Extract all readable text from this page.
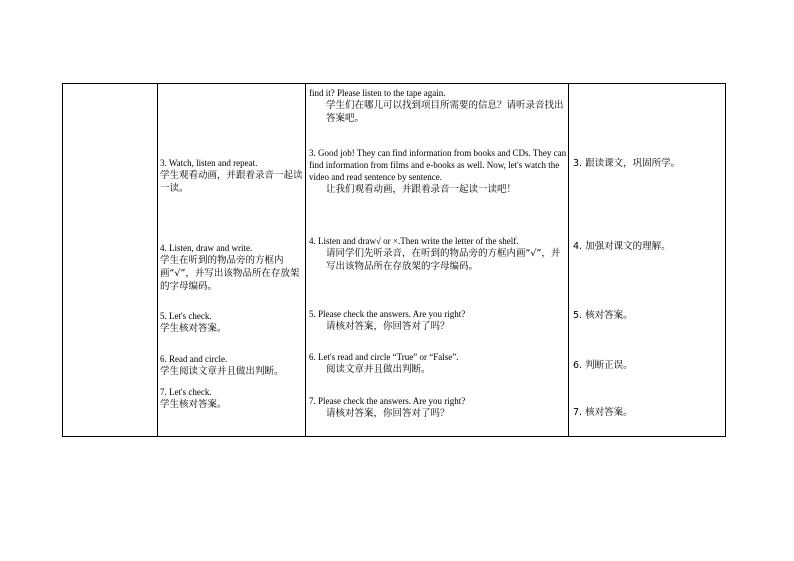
3. Watch, listen and repeat.
学生观看动画，并跟着录音一起读一读。
4. Listen, draw and write.
学生在听到的物品旁的方框内画“√”，并写出该物品所在存放架的字母编码。
5. Let's check.
学生核对答案。
6. Read and circle.
学生阅读文章并且做出判断。
7. Let's check.
学生核对答案。
find it? Please listen to the tape again.
学生们在哪儿可以找到项目所需要的信息？请听录音找出答案吧。
3. Good job! They can find information from books and CDs. They can find information from films and e-books as well. Now, let's watch the video and read sentence by sentence.
让我们观看动画，并跟着录音一起读一读吧！
4. Listen and draw√ or ×.Then write the letter of the shelf.
请同学们先听录音，在听到的物品旁的方框内画“√”，并写出该物品所在存放架的字母编码。
5. Please check the answers. Are you right?
请核对答案，你回答对了吗？
6. Let's read and circle “True” or “False”.
阅读文章并且做出判断。
7. Please check the answers. Are you right?
请核对答案，你回答对了吗？
3. 跟读课文，巩固所学。
4. 加强对课文的理解。
5. 核对答案。
6. 判断正误。
7. 核对答案。
